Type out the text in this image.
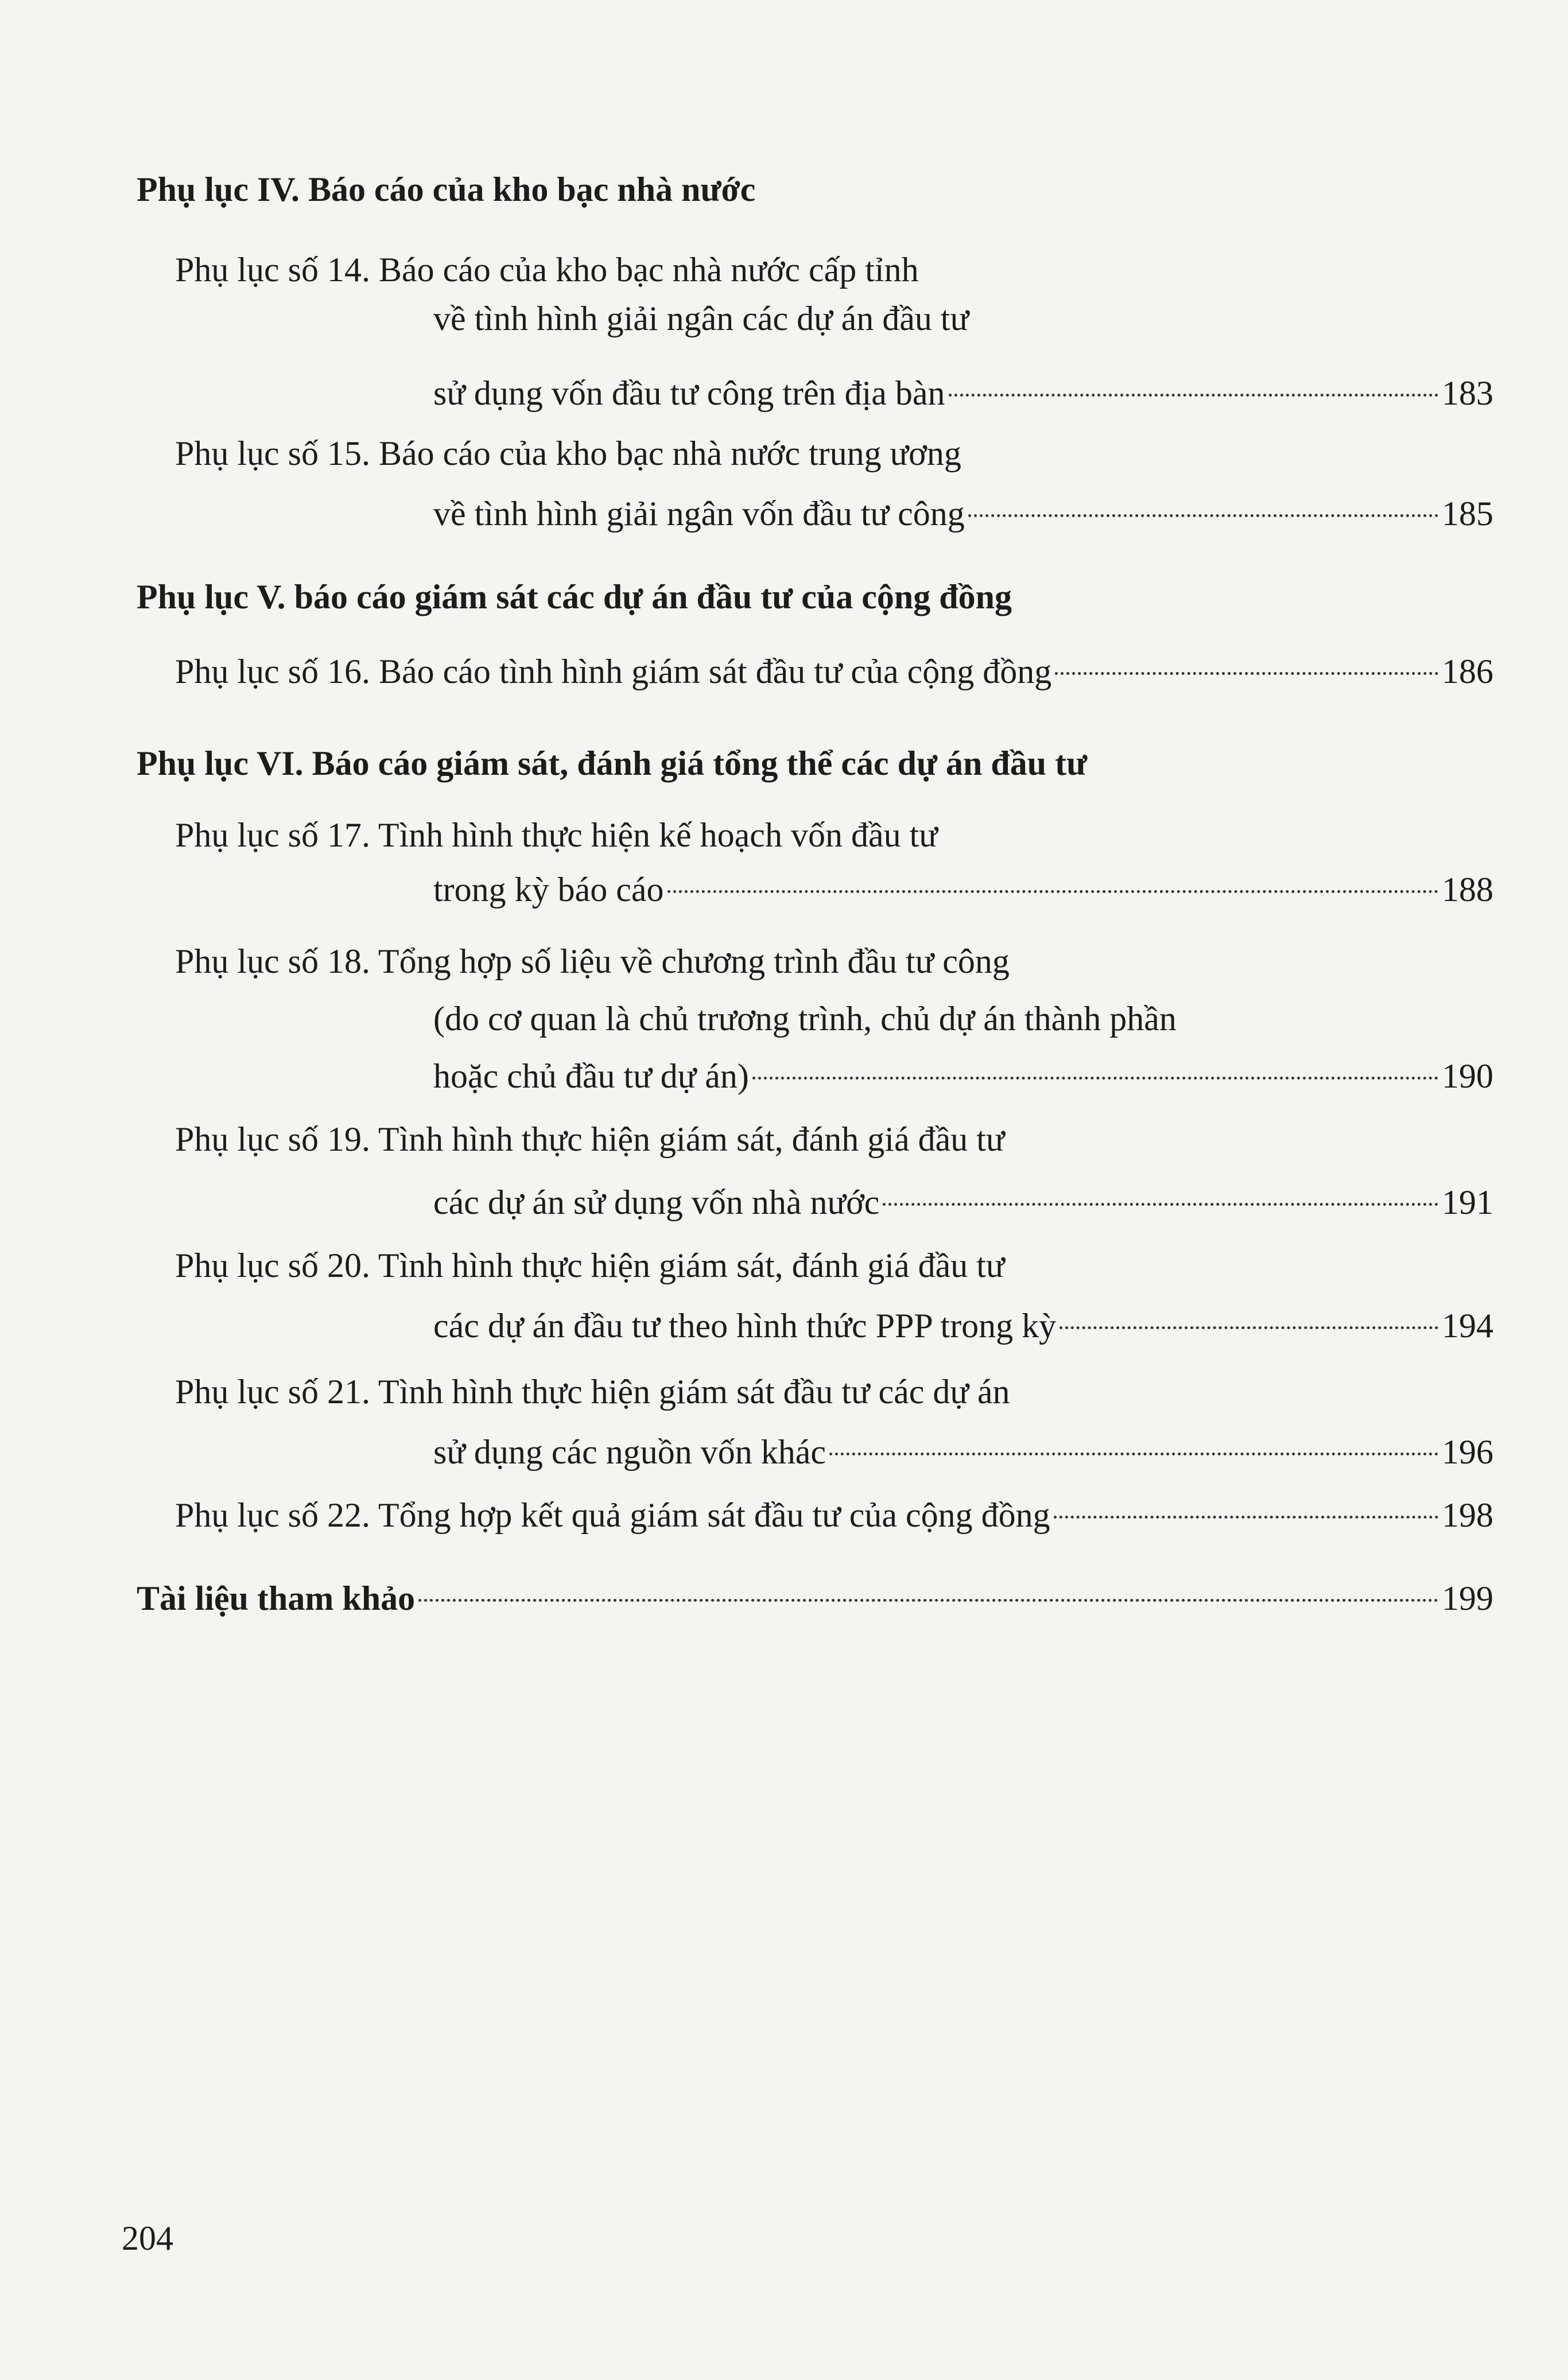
Phụ lục IV. Báo cáo của kho bạc nhà nước
Phụ lục số 14. Báo cáo của kho bạc nhà nước cấp tỉnh
về tình hình giải ngân các dự án đầu tư
sử dụng vốn đầu tư công trên địa bàn	183
Phụ lục số 15. Báo cáo của kho bạc nhà nước trung ương
về tình hình giải ngân vốn đầu tư công	185
Phụ lục V. báo cáo giám sát các dự án đầu tư của cộng đồng
Phụ lục số 16. Báo cáo tình hình giám sát đầu tư của cộng đồng	186
Phụ lục VI. Báo cáo giám sát, đánh giá tổng thể các dự án đầu tư
Phụ lục số 17. Tình hình thực hiện kế hoạch vốn đầu tư
trong kỳ báo cáo	188
Phụ lục số 18. Tổng hợp số liệu về chương trình đầu tư công
(do cơ quan là chủ trương trình, chủ dự án thành phần
hoặc chủ đầu tư dự án)	190
Phụ lục số 19. Tình hình thực hiện giám sát, đánh giá đầu tư
các dự án sử dụng vốn nhà nước	191
Phụ lục số 20. Tình hình thực hiện giám sát, đánh giá đầu tư
các dự án đầu tư theo hình thức PPP trong kỳ	194
Phụ lục số 21. Tình hình thực hiện giám sát đầu tư các dự án
sử dụng các nguồn vốn khác	196
Phụ lục số 22. Tổng hợp kết quả giám sát đầu tư của cộng đồng	198
Tài liệu tham khảo	199
204
